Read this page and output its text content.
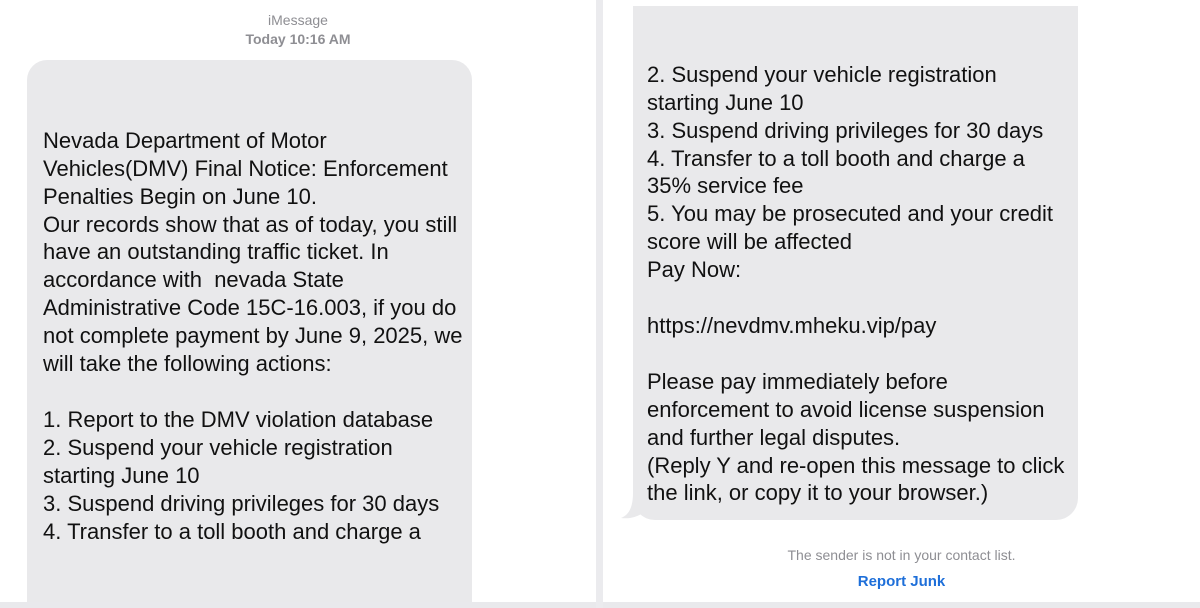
iMessage
Today 10:16 AM

Nevada Department of Motor Vehicles(DMV) Final Notice: Enforcement Penalties Begin on June 10.
Our records show that as of today, you still have an outstanding traffic ticket. In accordance with  nevada State Administrative Code 15C-16.003, if you do not complete payment by June 9, 2025, we will take the following actions:

1. Report to the DMV violation database
2. Suspend your vehicle registration starting June 10
3. Suspend driving privileges for 30 days
4. Transfer to a toll booth and charge a

2. Suspend your vehicle registration starting June 10
3. Suspend driving privileges for 30 days
4. Transfer to a toll booth and charge a 35% service fee
5. You may be prosecuted and your credit score will be affected
Pay Now:

https://nevdmv.mheku.vip/pay

Please pay immediately before enforcement to avoid license suspension and further legal disputes.
(Reply Y and re-open this message to click the link, or copy it to your browser.)

The sender is not in your contact list.
Report Junk
